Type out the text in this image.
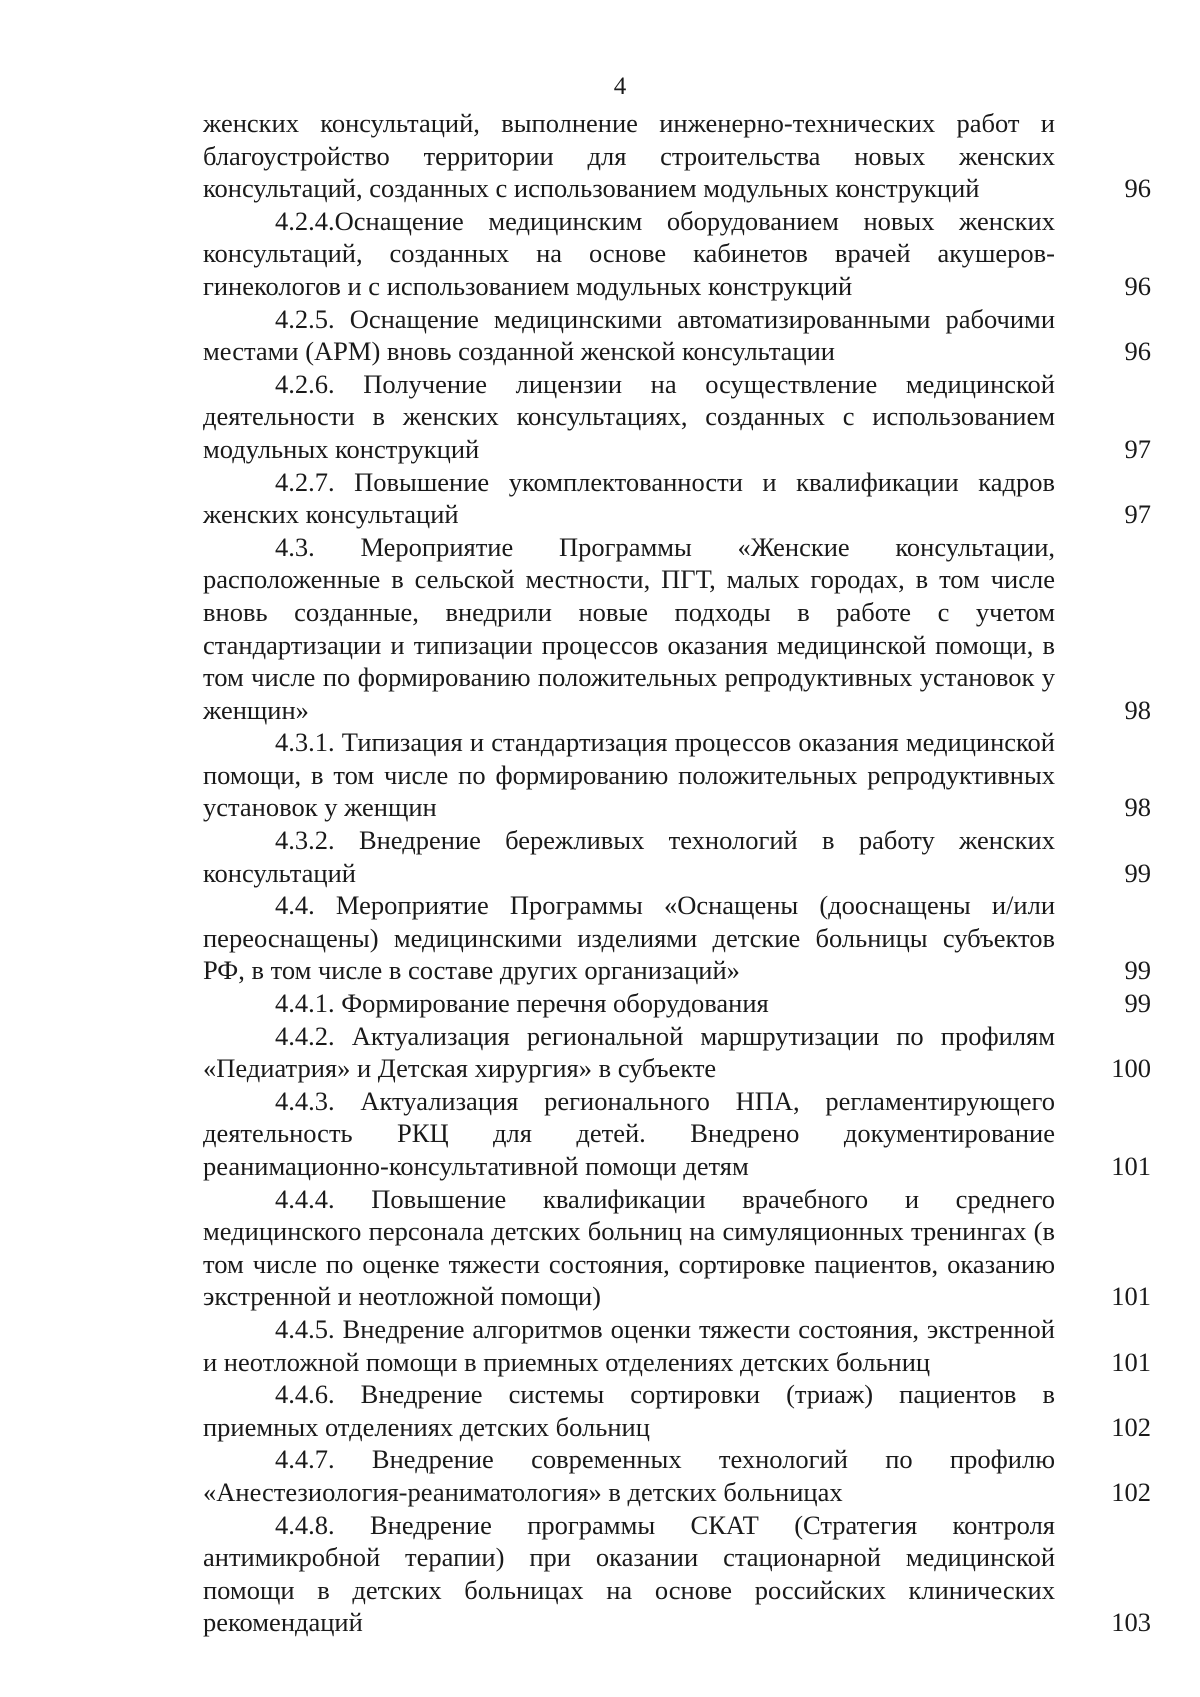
4
женских консультаций, выполнение инженерно-технических работ и благоустройство территории для строительства новых женских консультаций, созданных с использованием модульных конструкций	96
4.2.4.Оснащение медицинским оборудованием новых женских консультаций, созданных на основе кабинетов врачей акушеров-гинекологов и с использованием модульных конструкций	96
4.2.5. Оснащение медицинскими автоматизированными рабочими местами (АРМ) вновь созданной женской консультации	96
4.2.6. Получение лицензии на осуществление медицинской деятельности в женских консультациях, созданных с использованием модульных конструкций	97
4.2.7. Повышение укомплектованности и квалификации кадров женских консультаций	97
4.3. Мероприятие Программы «Женские консультации, расположенные в сельской местности, ПГТ, малых городах, в том числе вновь созданные, внедрили новые подходы в работе с учетом стандартизации и типизации процессов оказания медицинской помощи, в том числе по формированию положительных репродуктивных установок у женщин»	98
4.3.1. Типизация и стандартизация процессов оказания медицинской помощи, в том числе по формированию положительных репродуктивных установок у женщин	98
4.3.2. Внедрение бережливых технологий в работу женских консультаций	99
4.4. Мероприятие Программы «Оснащены (дооснащены и/или переоснащены) медицинскими изделиями детские больницы субъектов РФ, в том числе в составе других организаций»	99
4.4.1. Формирование перечня оборудования	99
4.4.2. Актуализация региональной маршрутизации по профилям «Педиатрия» и Детская хирургия» в субъекте	100
4.4.3. Актуализация регионального НПА, регламентирующего деятельность РКЦ для детей. Внедрено документирование реанимационно-консультативной помощи детям	101
4.4.4. Повышение квалификации врачебного и среднего медицинского персонала детских больниц на симуляционных тренингах (в том числе по оценке тяжести состояния, сортировке пациентов, оказанию экстренной и неотложной помощи)	101
4.4.5. Внедрение алгоритмов оценки тяжести состояния, экстренной и неотложной помощи в приемных отделениях детских больниц	101
4.4.6. Внедрение системы сортировки (триаж) пациентов в приемных отделениях детских больниц	102
4.4.7. Внедрение современных технологий по профилю «Анестезиология-реаниматология» в детских больницах	102
4.4.8. Внедрение программы СКАТ (Стратегия контроля антимикробной терапии) при оказании стационарной медицинской помощи в детских больницах на основе российских клинических рекомендаций	103
